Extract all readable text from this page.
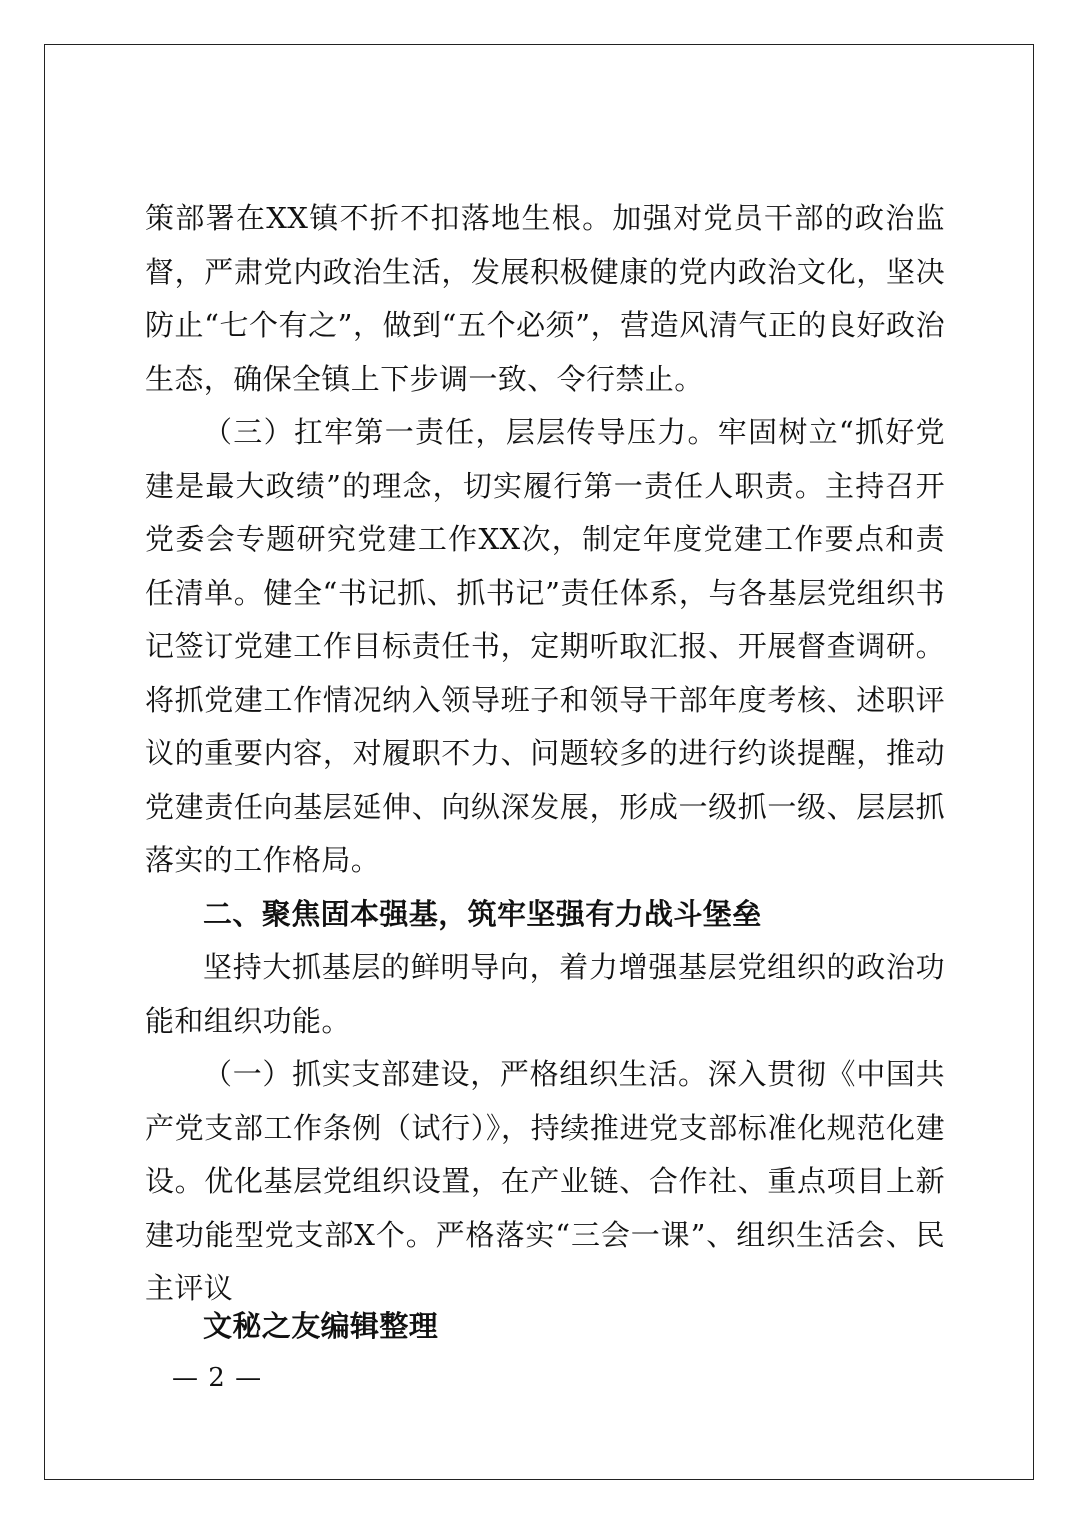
策部署在XX镇不折不扣落地生根。加强对党员干部的政治监督，严肃党内政治生活，发展积极健康的党内政治文化，坚决防止“七个有之”，做到“五个必须”，营造风清气正的良好政治生态，确保全镇上下步调一致、令行禁止。

（三）扛牢第一责任，层层传导压力。牢固树立“抓好党建是最大政绩”的理念，切实履行第一责任人职责。主持召开党委会专题研究党建工作XX次，制定年度党建工作要点和责任清单。健全“书记抓、抓书记”责任体系，与各基层党组织书记签订党建工作目标责任书，定期听取汇报、开展督查调研。将抓党建工作情况纳入领导班子和领导干部年度考核、述职评议的重要内容，对履职不力、问题较多的进行约谈提醒，推动党建责任向基层延伸、向纵深发展，形成一级抓一级、层层抓落实的工作格局。

二、聚焦固本强基，筑牢坚强有力战斗堡垒

坚持大抓基层的鲜明导向，着力增强基层党组织的政治功能和组织功能。

（一）抓实支部建设，严格组织生活。深入贯彻《中国共产党支部工作条例（试行）》，持续推进党支部标准化规范化建设。优化基层党组织设置，在产业链、合作社、重点项目上新建功能型党支部X个。严格落实“三会一课”、组织生活会、民主评议

文秘之友编辑整理

— 2 —
